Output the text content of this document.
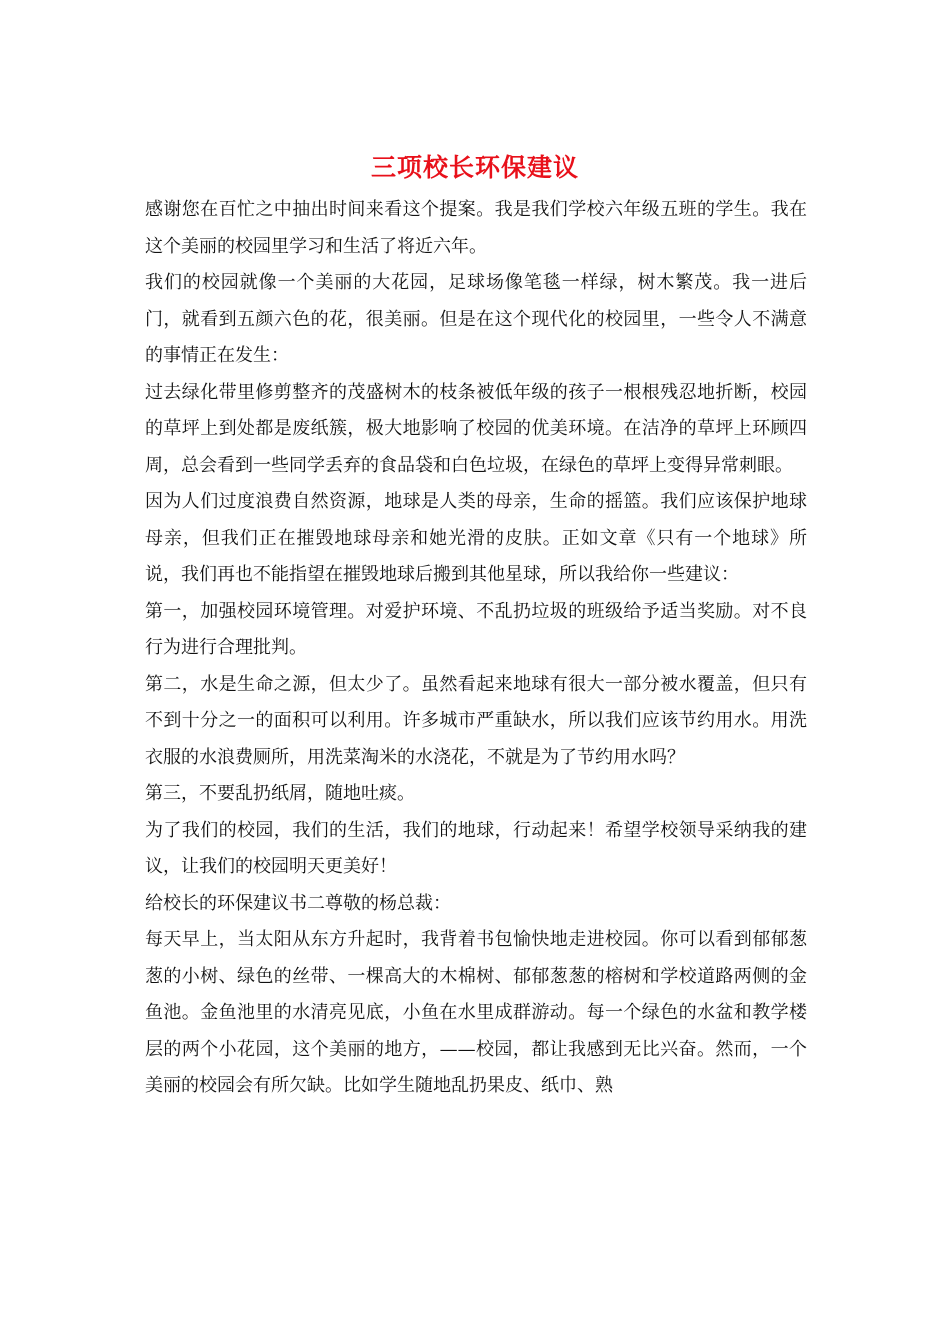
三项校长环保建议

感谢您在百忙之中抽出时间来看这个提案。我是我们学校六年级五班的学生。我在这个美丽的校园里学习和生活了将近六年。

我们的校园就像一个美丽的大花园，足球场像笔毯一样绿，树木繁茂。我一进后门，就看到五颜六色的花，很美丽。但是在这个现代化的校园里，一些令人不满意的事情正在发生：

过去绿化带里修剪整齐的茂盛树木的枝条被低年级的孩子一根根残忍地折断，校园的草坪上到处都是废纸簇，极大地影响了校园的优美环境。在洁净的草坪上环顾四周，总会看到一些同学丢弃的食品袋和白色垃圾，在绿色的草坪上变得异常刺眼。

因为人们过度浪费自然资源，地球是人类的母亲，生命的摇篮。我们应该保护地球母亲，但我们正在摧毁地球母亲和她光滑的皮肤。正如文章《只有一个地球》所说，我们再也不能指望在摧毁地球后搬到其他星球，所以我给你一些建议：

第一，加强校园环境管理。对爱护环境、不乱扔垃圾的班级给予适当奖励。对不良行为进行合理批判。

第二，水是生命之源，但太少了。虽然看起来地球有很大一部分被水覆盖，但只有不到十分之一的面积可以利用。许多城市严重缺水，所以我们应该节约用水。用洗衣服的水浪费厕所，用洗菜淘米的水浇花，不就是为了节约用水吗？

第三，不要乱扔纸屑，随地吐痰。

为了我们的校园，我们的生活，我们的地球，行动起来！希望学校领导采纳我的建议，让我们的校园明天更美好！

给校长的环保建议书二尊敬的杨总裁：

每天早上，当太阳从东方升起时，我背着书包愉快地走进校园。你可以看到郁郁葱葱的小树、绿色的丝带、一棵高大的木棉树、郁郁葱葱的榕树和学校道路两侧的金鱼池。金鱼池里的水清亮见底，小鱼在水里成群游动。每一个绿色的水盆和教学楼层的两个小花园，这个美丽的地方，——校园，都让我感到无比兴奋。然而，一个美丽的校园会有所欠缺。比如学生随地乱扔果皮、纸巾、熟
